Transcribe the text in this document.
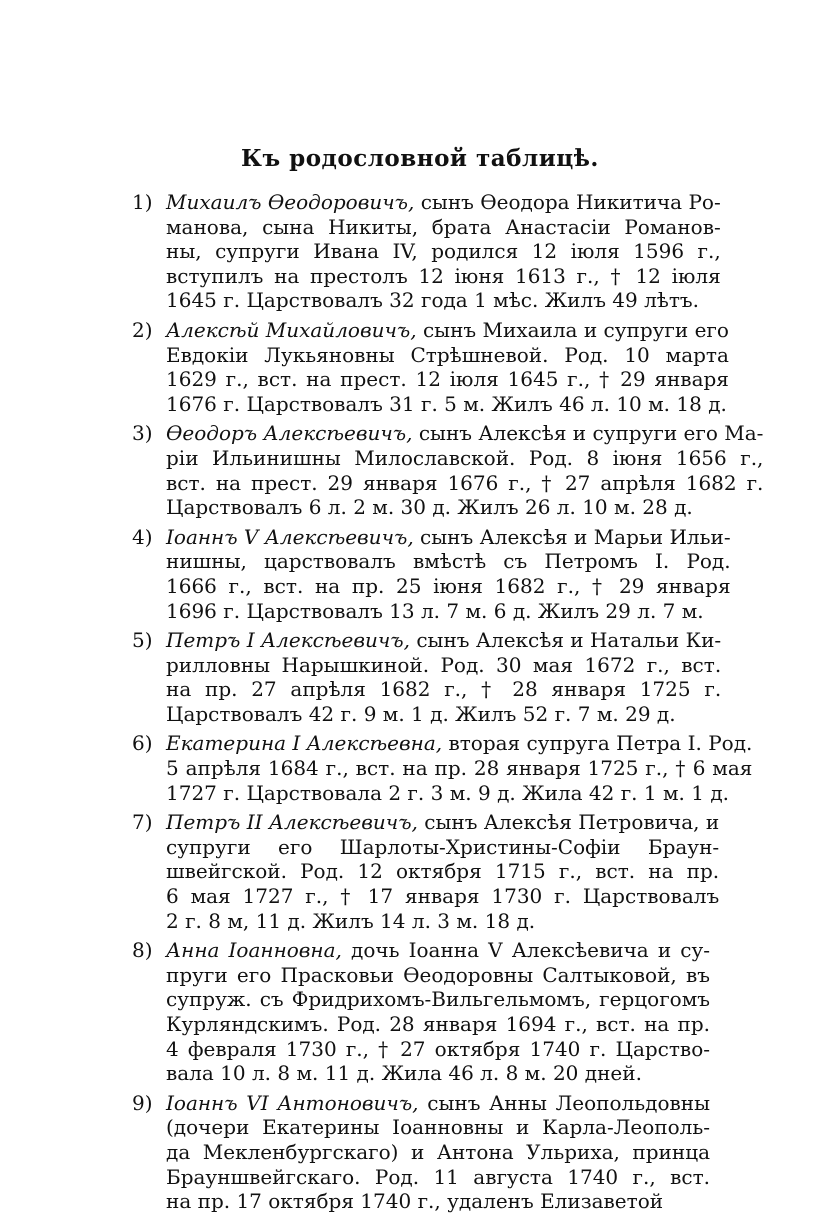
Къ родословной таблицѣ.
1) Михаилъ Ѳеодоровичъ, сынъ Ѳеодора Никитича Ро-
манова, сына Никиты, брата Анастасіи Романов-
ны, супруги Ивана IV, родился 12 іюля 1596 г.,
вступилъ на престолъ 12 іюня 1613 г., † 12 іюля
1645 г. Царствовалъ 32 года 1 мѣс. Жилъ 49 лѣтъ.
2) Алексѣй Михайловичъ, сынъ Михаила и супруги его
Евдокіи Лукьяновны Стрѣшневой. Род. 10 марта
1629 г., вст. на прест. 12 іюля 1645 г., † 29 января
1676 г. Царствовалъ 31 г. 5 м. Жилъ 46 л. 10 м. 18 д.
3) Ѳеодоръ Алексѣевичъ, сынъ Алексѣя и супруги его Ма-
ріи Ильинишны Милославской. Род. 8 іюня 1656 г.,
вст. на прест. 29 января 1676 г., † 27 апрѣля 1682 г.
Царствовалъ 6 л. 2 м. 30 д. Жилъ 26 л. 10 м. 28 д.
4) Іоаннъ V Алексѣевичъ, сынъ Алексѣя и Марьи Ильи-
нишны, царствовалъ вмѣстѣ съ Петромъ I. Род.
1666 г., вст. на пр. 25 іюня 1682 г., † 29 января
1696 г. Царствовалъ 13 л. 7 м. 6 д. Жилъ 29 л. 7 м.
5) Петръ I Алексѣевичъ, сынъ Алексѣя и Натальи Ки-
рилловны Нарышкиной. Род. 30 мая 1672 г., вст.
на пр. 27 апрѣля 1682 г., † 28 января 1725 г.
Царствовалъ 42 г. 9 м. 1 д. Жилъ 52 г. 7 м. 29 д.
6) Екатерина I Алексѣевна, вторая супруга Петра I. Род.
5 апрѣля 1684 г., вст. на пр. 28 января 1725 г., † 6 мая
1727 г. Царствовала 2 г. 3 м. 9 д. Жила 42 г. 1 м. 1 д.
7) Петръ II Алексѣевичъ, сынъ Алексѣя Петровича, и
супруги его Шарлоты-Христины-Софіи Браун-
швейгской. Род. 12 октября 1715 г., вст. на пр.
6 мая 1727 г., † 17 января 1730 г. Царствовалъ
2 г. 8 м, 11 д. Жилъ 14 л. 3 м. 18 д.
8) Анна Іоанновна, дочь Іоанна V Алексѣевича и су-
пруги его Прасковьи Ѳеодоровны Салтыковой, въ
супруж. съ Фридрихомъ-Вильгельмомъ, герцогомъ
Курляндскимъ. Род. 28 января 1694 г., вст. на пр.
4 февраля 1730 г., † 27 октября 1740 г. Царство-
вала 10 л. 8 м. 11 д. Жила 46 л. 8 м. 20 дней.
9) Іоаннъ VI Антоновичъ, сынъ Анны Леопольдовны
(дочери Екатерины Іоанновны и Карла-Леополь-
да Мекленбургскаго) и Антона Ульриха, принца
Брауншвейгскаго. Род. 11 августа 1740 г., вст.
на пр. 17 октября 1740 г., удаленъ Елизаветой
